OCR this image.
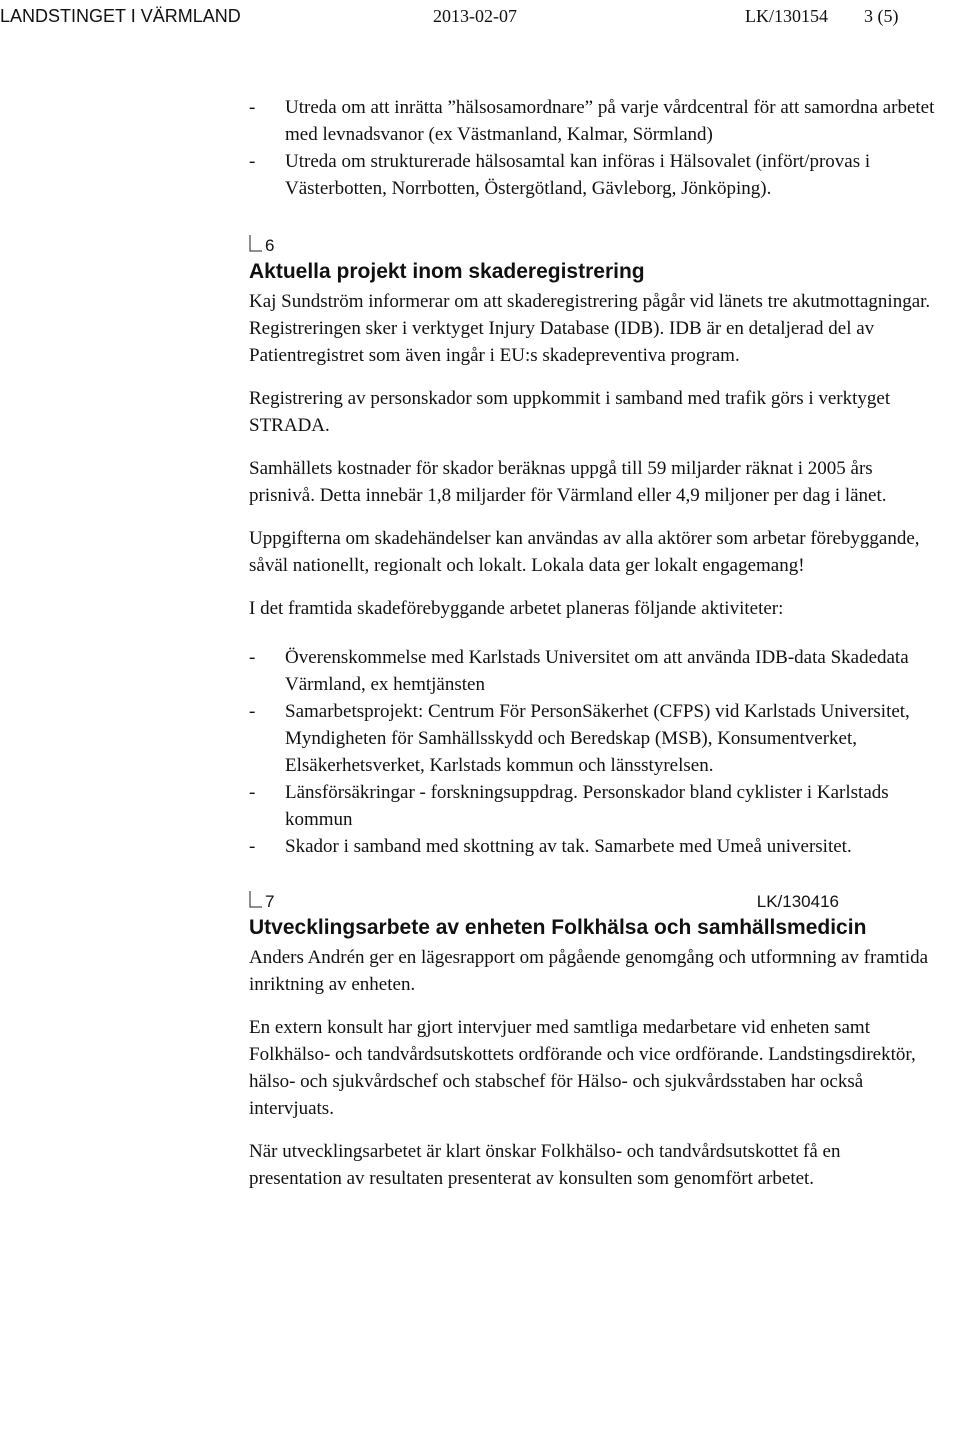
LANDSTINGET I VÄRMLAND	2013-02-07	LK/130154 3 (5)
- Utreda om att inrätta ”hälsosamordnare” på varje vårdcentral för att samordna arbetet med levnadsvanor (ex Västmanland, Kalmar, Sörmland)
- Utreda om strukturerade hälsosamtal kan införas i Hälsovalet (infört/provas i Västerbotten, Norrbotten, Östergötland, Gävleborg, Jönköping).
6
Aktuella projekt inom skaderegistrering

Kaj Sundström informerar om att skaderegistrering pågår vid länets tre akutmottagningar. Registreringen sker i verktyget Injury Database (IDB). IDB är en detaljerad del av Patientregistret som även ingår i EU:s skadepreventiva program.

Registrering av personskador som uppkommit i samband med trafik görs i verktyget STRADA.

Samhällets kostnader för skador beräknas uppgå till 59 miljarder räknat i 2005 års prisnivå. Detta innebär 1,8 miljarder för Värmland eller 4,9 miljoner per dag i länet.

Uppgifterna om skadehändelser kan användas av alla aktörer som arbetar förebyggande, såväl nationellt, regionalt och lokalt. Lokala data ger lokalt engagemang!

I det framtida skadeförebyggande arbetet planeras följande aktiviteter:

- Överenskommelse med Karlstads Universitet om att använda IDB-data Skadedata Värmland, ex hemtjänsten
- Samarbetsprojekt: Centrum För PersonSäkerhet (CFPS) vid Karlstads Universitet, Myndigheten för Samhällsskydd och Beredskap (MSB), Konsumentverket, Elsäkerhetsverket, Karlstads kommun och länsstyrelsen.
- Länsförsäkringar - forskningsuppdrag. Personskador bland cyklister i Karlstads kommun
- Skador i samband med skottning av tak. Samarbete med Umeå universitet.
7	LK/130416
Utvecklingsarbete av enheten Folkhälsa och samhällsmedicin

Anders Andrén ger en lägesrapport om pågående genomgång och utformning av framtida inriktning av enheten.

En extern konsult har gjort intervjuer med samtliga medarbetare vid enheten samt Folkhälso- och tandvårdsutskottets ordförande och vice ordförande. Landstingsdirektör, hälso- och sjukvårdschef och stabschef för Hälso- och sjukvårdsstaben har också intervjuats.

När utvecklingsarbetet är klart önskar Folkhälso- och tandvårdsutskottet få en presentation av resultaten presenterat av konsulten som genomfört arbetet.
